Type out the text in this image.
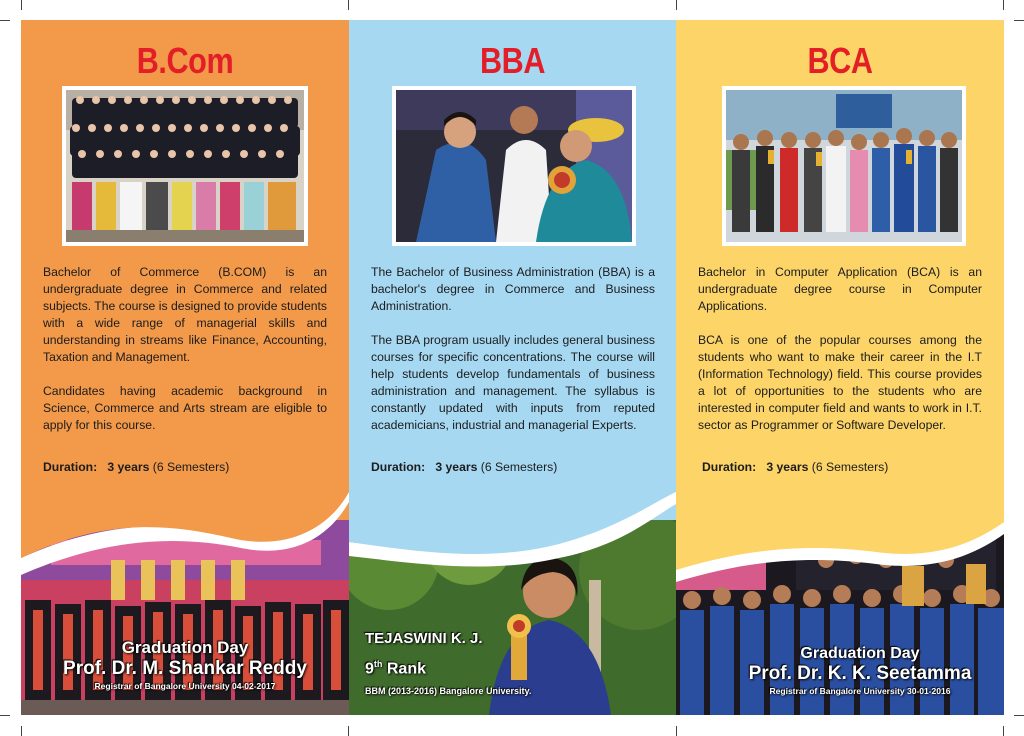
B.Com

Bachelor of Commerce (B.COM) is an undergraduate degree in Commerce and related subjects. The course is designed to provide students with a wide range of managerial skills and understanding in streams like Finance, Accounting, Taxation and Management.

Candidates having academic background in Science, Commerce and Arts stream are eligible to apply for this course.

Duration: 3 years (6 Semesters)

Graduation Day
Prof. Dr. M. Shankar Reddy
Registrar of Bangalore University 04-02-2017
BBA

The Bachelor of Business Administration (BBA) is a bachelor's degree in Commerce and Business Administration.

The BBA program usually includes general business courses for specific concentrations. The course will help students develop fundamentals of business administration and management. The syllabus is constantly updated with inputs from reputed academicians, industrial and managerial Experts.

Duration: 3 years (6 Semesters)

TEJASWINI K. J.
9th Rank
BBM (2013-2016) Bangalore University.
BCA

Bachelor in Computer Application (BCA) is an undergraduate degree course in Computer Applications.

BCA is one of the popular courses among the students who want to make their career in the I.T (Information Technology) field. This course provides a lot of opportunities to the students who are interested in computer field and wants to work in I.T. sector as Programmer or Software Developer.

Duration: 3 years (6 Semesters)

Graduation Day
Prof. Dr. K. K. Seetamma
Registrar of Bangalore University 30-01-2016
